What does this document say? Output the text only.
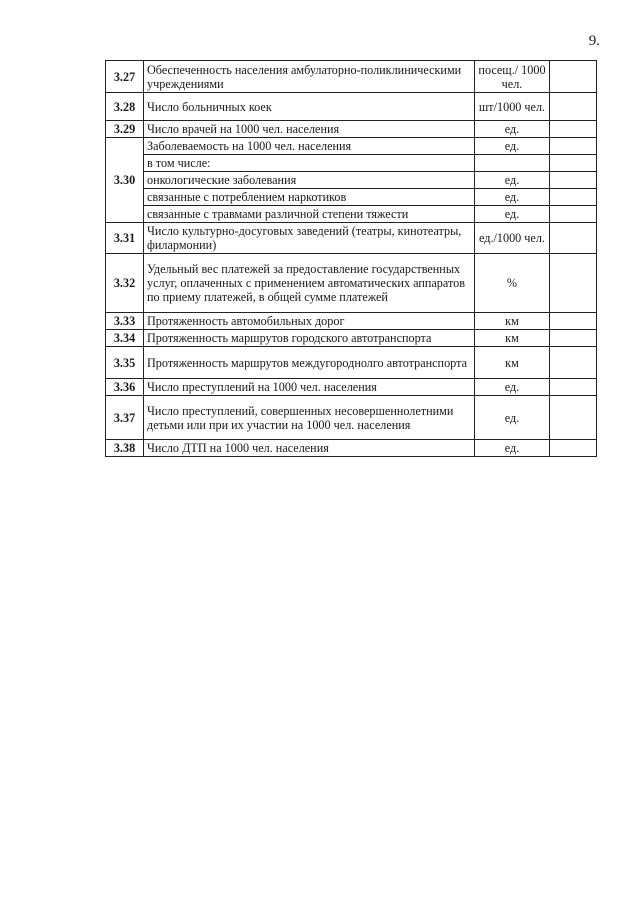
9.
3.27	Обеспеченность населения амбулаторно-поликлиническими учреждениями	посещ./ 1000 чел.	
3.28	Число больничных коек	шт/1000 чел.	
3.29	Число врачей на 1000 чел. населения	ед.	
3.30	Заболеваемость на 1000 чел. населения	ед.	
	в том числе:		
	онкологические заболевания	ед.	
	связанные с потреблением наркотиков	ед.	
	связанные с травмами различной степени тяжести	ед.	
3.31	Число культурно-досуговых заведений (театры, кинотеатры, филармонии)	ед./1000 чел.	
3.32	Удельный вес платежей за предоставление государственных услуг, оплаченных с применением автоматических аппаратов по приему платежей, в общей сумме платежей	%	
3.33	Протяженность автомобильных дорог	км	
3.34	Протяженность маршрутов городского автотранспорта	км	
3.35	Протяженность маршрутов междугороднолго автотранспорта	км	
3.36	Число преступлений на 1000 чел. населения	ед.	
3.37	Число преступлений, совершенных несовершеннолетними детьми или при их участии на 1000 чел. населения	ед.	
3.38	Число ДТП на 1000 чел. населения	ед.	
